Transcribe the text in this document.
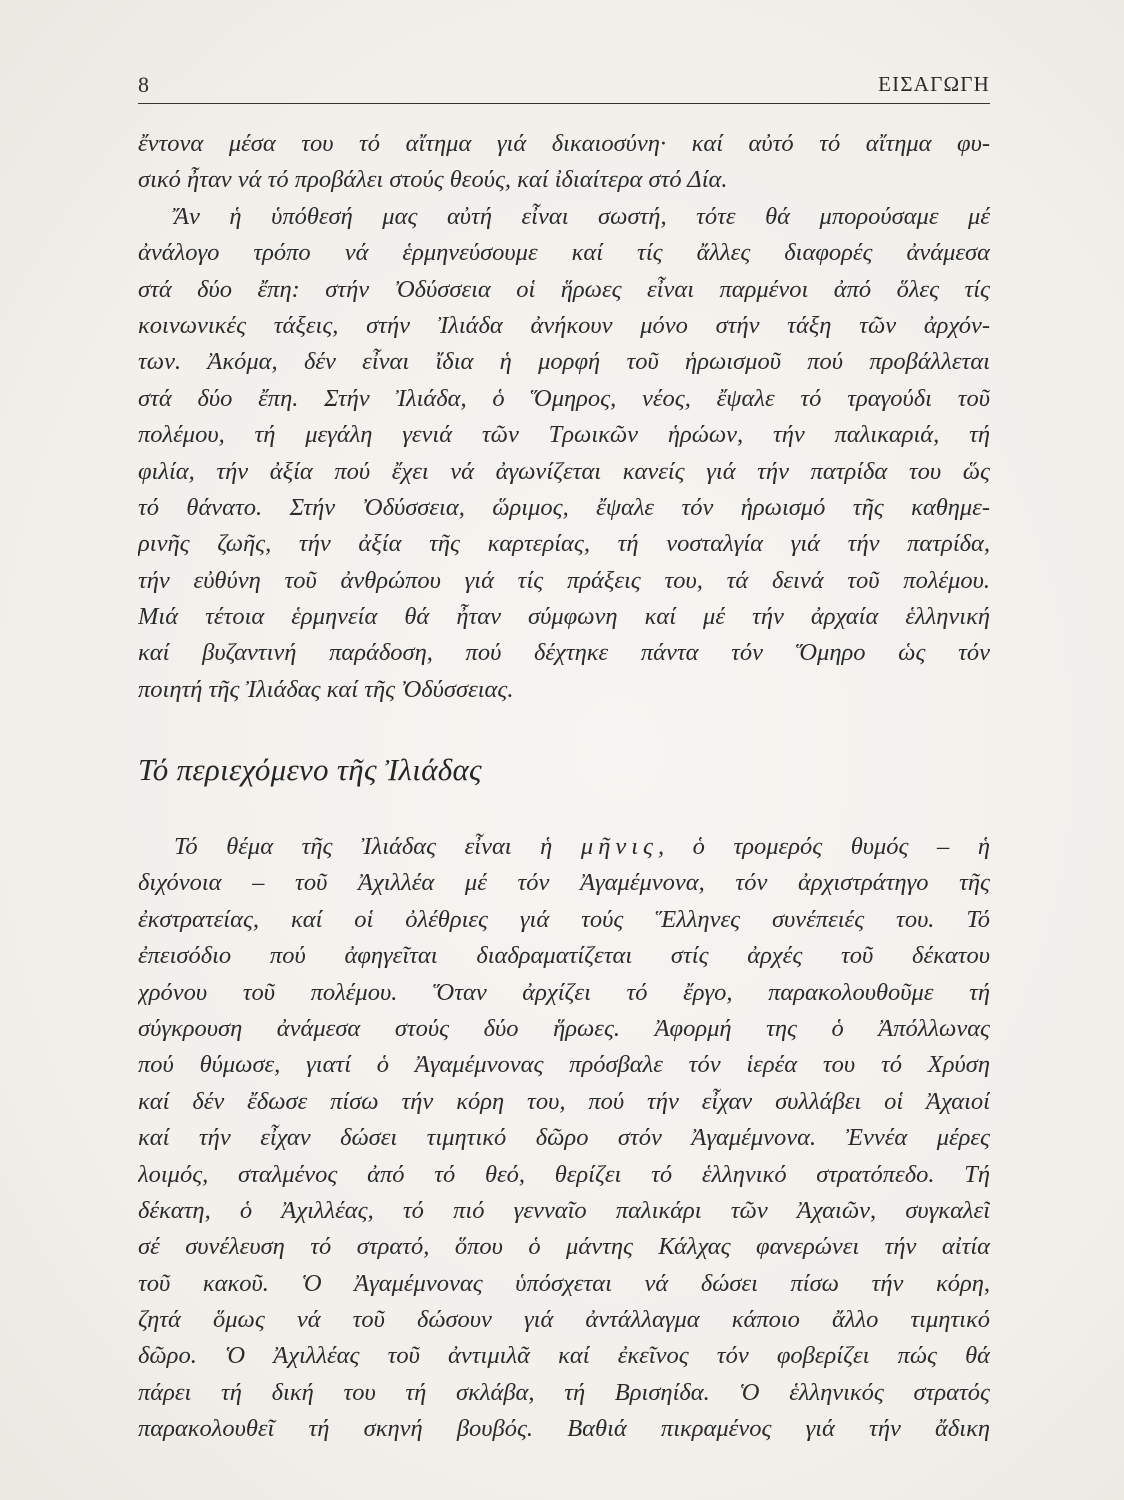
8	ΕΙΣΑΓΩΓΗ
ἔντονα μέσα του τό αἴτημα γιά δικαιοσύνη· καί αὐτό τό αἴτημα φυ-
σικό ἦταν νά τό προβάλει στούς θεούς, καί ἰδιαίτερα στό Δία.
Ἄν ἡ ὑπόθεσή μας αὐτή εἶναι σωστή, τότε θά μπορούσαμε μέ
ἀνάλογο τρόπο νά ἑρμηνεύσουμε καί τίς ἄλλες διαφορές ἀνάμεσα
στά δύο ἔπη: στήν Ὀδύσσεια οἱ ἥρωες εἶναι παρμένοι ἀπό ὅλες τίς
κοινωνικές τάξεις, στήν Ἰλιάδα ἀνήκουν μόνο στήν τάξη τῶν ἀρχόν-
των. Ἀκόμα, δέν εἶναι ἴδια ἡ μορφή τοῦ ἡρωισμοῦ πού προβάλλεται
στά δύο ἔπη. Στήν Ἰλιάδα, ὁ Ὅμηρος, νέος, ἔψαλε τό τραγούδι τοῦ
πολέμου, τή μεγάλη γενιά τῶν Τρωικῶν ἡρώων, τήν παλικαριά, τή
φιλία, τήν ἀξία πού ἔχει νά ἀγωνίζεται κανείς γιά τήν πατρίδα του ὥς
τό θάνατο. Στήν Ὀδύσσεια, ὥριμος, ἔψαλε τόν ἡρωισμό τῆς καθημε-
ρινῆς ζωῆς, τήν ἀξία τῆς καρτερίας, τή νοσταλγία γιά τήν πατρίδα,
τήν εὐθύνη τοῦ ἀνθρώπου γιά τίς πράξεις του, τά δεινά τοῦ πολέμου.
Μιά τέτοια ἑρμηνεία θά ἦταν σύμφωνη καί μέ τήν ἀρχαία ἑλληνική
καί βυζαντινή παράδοση, πού δέχτηκε πάντα τόν Ὅμηρο ὡς τόν
ποιητή τῆς Ἰλιάδας καί τῆς Ὀδύσσειας.
Τό περιεχόμενο τῆς Ἰλιάδας
Τό θέμα τῆς Ἰλιάδας εἶναι ἡ μῆνις, ὁ τρομερός θυμός – ἡ
διχόνοια – τοῦ Ἀχιλλέα μέ τόν Ἀγαμέμνονα, τόν ἀρχιστράτηγο τῆς
ἐκστρατείας, καί οἱ ὀλέθριες γιά τούς Ἕλληνες συνέπειές του. Τό
ἐπεισόδιο πού ἀφηγεῖται διαδραματίζεται στίς ἀρχές τοῦ δέκατου
χρόνου τοῦ πολέμου. Ὅταν ἀρχίζει τό ἔργο, παρακολουθοῦμε τή
σύγκρουση ἀνάμεσα στούς δύο ἥρωες. Ἀφορμή της ὁ Ἀπόλλωνας
πού θύμωσε, γιατί ὁ Ἀγαμέμνονας πρόσβαλε τόν ἱερέα του τό Χρύση
καί δέν ἔδωσε πίσω τήν κόρη του, πού τήν εἶχαν συλλάβει οἱ Ἀχαιοί
καί τήν εἶχαν δώσει τιμητικό δῶρο στόν Ἀγαμέμνονα. Ἐννέα μέρες
λοιμός, σταλμένος ἀπό τό θεό, θερίζει τό ἑλληνικό στρατόπεδο. Τή
δέκατη, ὁ Ἀχιλλέας, τό πιό γενναῖο παλικάρι τῶν Ἀχαιῶν, συγκαλεῖ
σέ συνέλευση τό στρατό, ὅπου ὁ μάντης Κάλχας φανερώνει τήν αἰτία
τοῦ κακοῦ. Ὁ Ἀγαμέμνονας ὑπόσχεται νά δώσει πίσω τήν κόρη,
ζητά ὅμως νά τοῦ δώσουν γιά ἀντάλλαγμα κάποιο ἄλλο τιμητικό
δῶρο. Ὁ Ἀχιλλέας τοῦ ἀντιμιλᾶ καί ἐκεῖνος τόν φοβερίζει πώς θά
πάρει τή δική του τή σκλάβα, τή Βρισηίδα. Ὁ ἑλληνικός στρατός
παρακολουθεῖ τή σκηνή βουβός. Βαθιά πικραμένος γιά τήν ἄδικη
